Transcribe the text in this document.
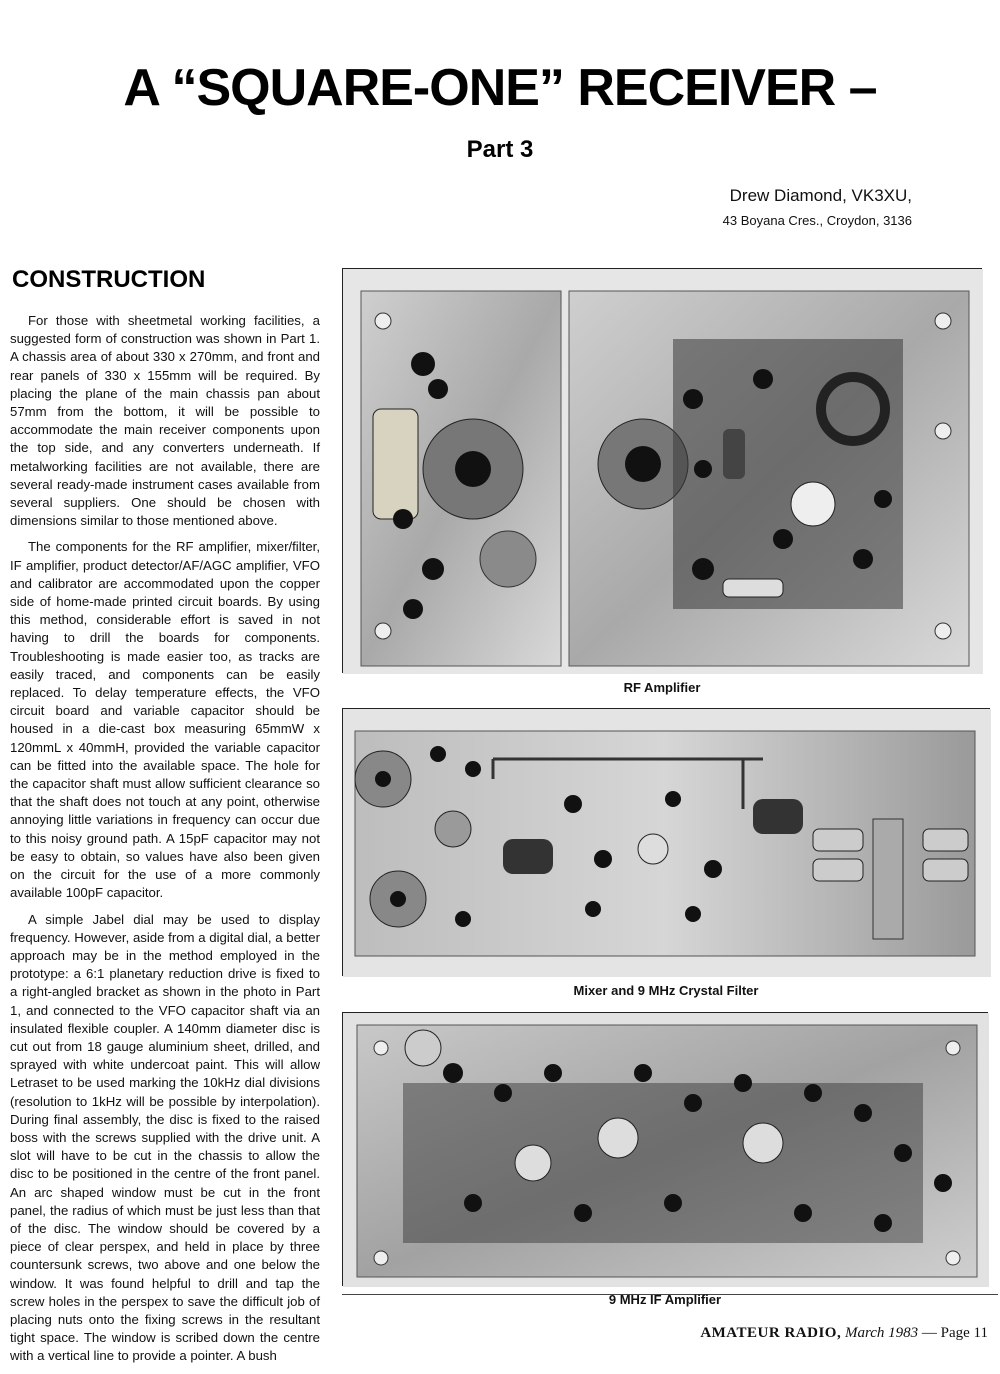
A “SQUARE-ONE” RECEIVER –
Part 3
Drew Diamond, VK3XU,
43 Boyana Cres., Croydon, 3136
CONSTRUCTION

For those with sheetmetal working facilities, a suggested form of construction was shown in Part 1. A chassis area of about 330 x 270mm, and front and rear panels of 330 x 155mm will be required. By placing the plane of the main chassis pan about 57mm from the bottom, it will be possible to accommodate the main receiver components upon the top side, and any converters underneath. If metalworking facilities are not available, there are several ready-made instrument cases available from several suppliers. One should be chosen with dimensions similar to those mentioned above.

The components for the RF amplifier, mixer/filter, IF amplifier, product detector/AF/AGC amplifier, VFO and calibrator are accommodated upon the copper side of home-made printed circuit boards. By using this method, considerable effort is saved in not having to drill the boards for components. Troubleshooting is made easier too, as tracks are easily traced, and components can be easily replaced. To delay temperature effects, the VFO circuit board and variable capacitor should be housed in a die-cast box measuring 65mmW x 120mmL x 40mmH, provided the variable capacitor can be fitted into the available space. The hole for the capacitor shaft must allow sufficient clearance so that the shaft does not touch at any point, otherwise annoying little variations in frequency can occur due to this noisy ground path. A 15pF capacitor may not be easy to obtain, so values have also been given on the circuit for the use of a more commonly available 100pF capacitor.

A simple Jabel dial may be used to display frequency. However, aside from a digital dial, a better approach may be in the method employed in the prototype: a 6:1 planetary reduction drive is fixed to a right-angled bracket as shown in the photo in Part 1, and connected to the VFO capacitor shaft via an insulated flexible coupler. A 140mm diameter disc is cut out from 18 gauge aluminium sheet, drilled, and sprayed with white undercoat paint. This will allow Letraset to be used marking the 10kHz dial divisions (resolution to 1kHz will be possible by interpolation). During final assembly, the disc is fixed to the raised boss with the screws supplied with the drive unit. A slot will have to be cut in the chassis to allow the disc to be positioned in the centre of the front panel. An arc shaped window must be cut in the front panel, the radius of which must be just less than that of the disc. The window should be covered by a piece of clear perspex, and held in place by three countersunk screws, two above and one below the window. It was found helpful to drill and tap the screw holes in the perspex to save the difficult job of placing nuts onto the fixing screws in the resultant tight space. The window is scribed down the centre with a vertical line to provide a pointer. A bush

RF Amplifier
Mixer and 9 MHz Crystal Filter
9 MHz IF Amplifier
AMATEUR RADIO, March 1983 — Page 11
